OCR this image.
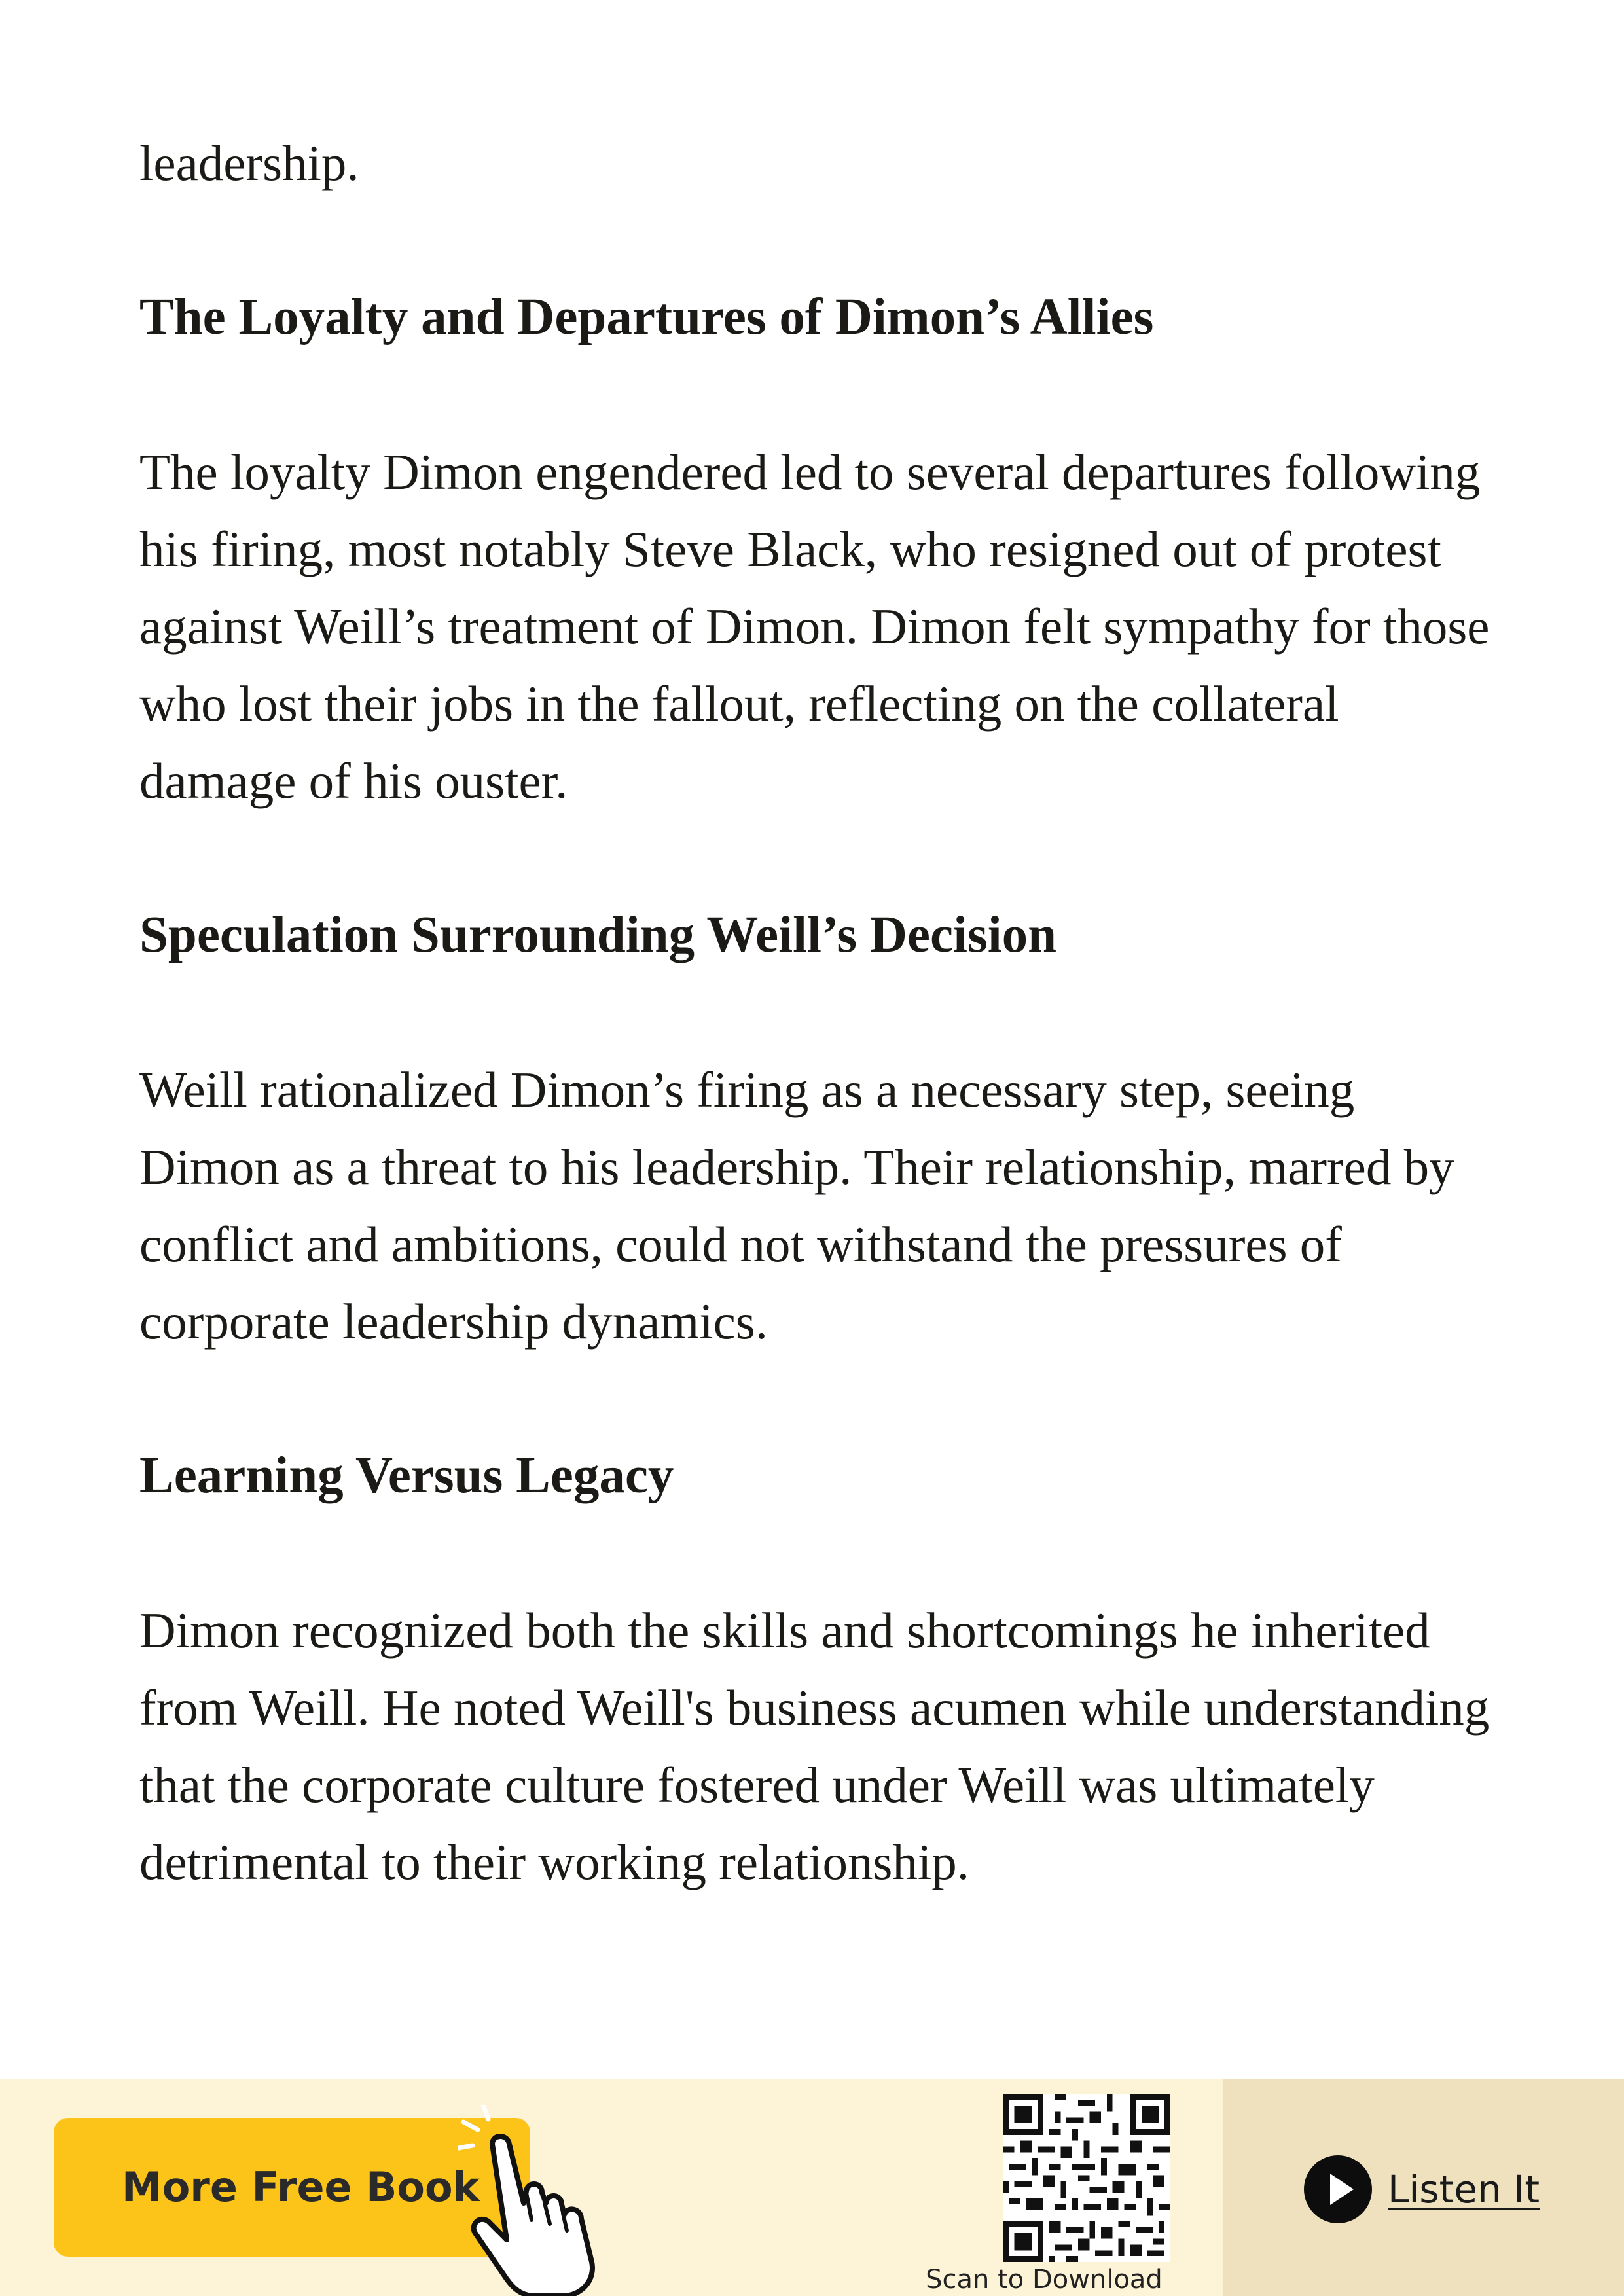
leadership.

The Loyalty and Departures of Dimon’s Allies

The loyalty Dimon engendered led to several departures following his firing, most notably Steve Black, who resigned out of protest against Weill’s treatment of Dimon. Dimon felt sympathy for those who lost their jobs in the fallout, reflecting on the collateral damage of his ouster.

Speculation Surrounding Weill’s Decision

Weill rationalized Dimon’s firing as a necessary step, seeing Dimon as a threat to his leadership. Their relationship, marred by conflict and ambitions, could not withstand the pressures of corporate leadership dynamics.

Learning Versus Legacy

Dimon recognized both the skills and shortcomings he inherited from Weill. He noted Weill's business acumen while understanding that the corporate culture fostered under Weill was ultimately detrimental to their working relationship.

More Free Book
Scan to Download
Listen It
